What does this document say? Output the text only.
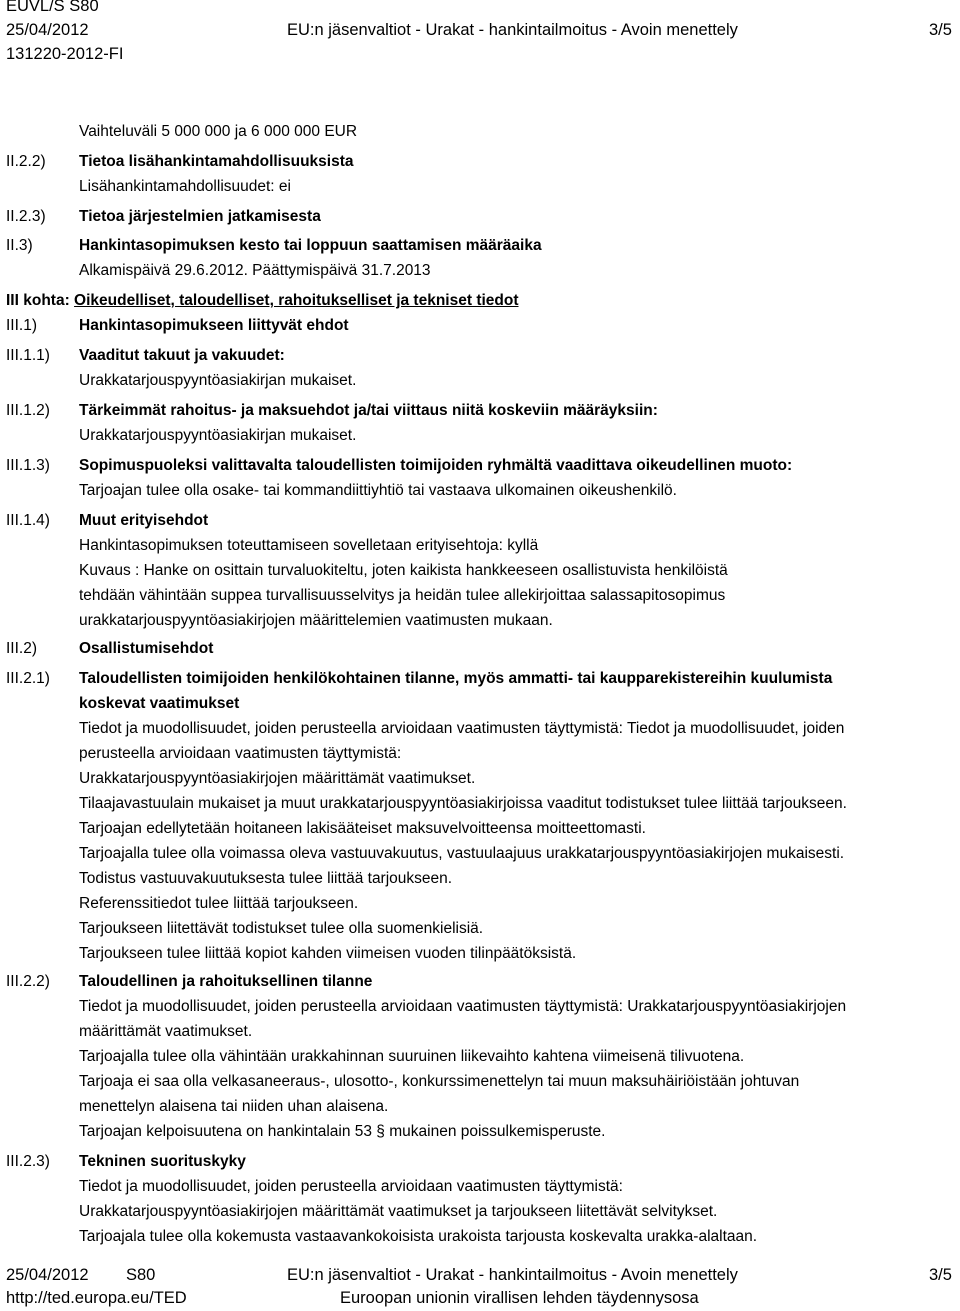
EUVL/S S80
25/04/2012	EU:n jäsenvaltiot - Urakat - hankintailmoitus - Avoin menettely	3/5
131220-2012-FI
Vaihteluväli 5 000 000 ja 6 000 000 EUR
II.2.2) Tietoa lisähankintamahdollisuuksista
Lisähankintamahdollisuudet: ei
II.2.3) Tietoa järjestelmien jatkamisesta
II.3)	Hankintasopimuksen kesto tai loppuun saattamisen määräaika
Alkamispäivä 29.6.2012. Päättymispäivä 31.7.2013
III kohta: Oikeudelliset, taloudelliset, rahoitukselliset ja tekniset tiedot
III.1)	Hankintasopimukseen liittyvät ehdot
III.1.1) Vaaditut takuut ja vakuudet:
Urakkatarjouspyyntöasiakirjan mukaiset.
III.1.2) Tärkeimmät rahoitus- ja maksuehdot ja/tai viittaus niitä koskeviin määräyksiin:
Urakkatarjouspyyntöasiakirjan mukaiset.
III.1.3) Sopimuspuoleksi valittavalta taloudellisten toimijoiden ryhmältä vaadittava oikeudellinen muoto:
Tarjoajan tulee olla osake- tai kommandiittiyhtiö tai vastaava ulkomainen oikeushenkilö.
III.1.4) Muut erityisehdot
Hankintasopimuksen toteuttamiseen sovelletaan erityisehtoja: kyllä
Kuvaus : Hanke on osittain turvaluokiteltu, joten kaikista hankkeeseen osallistuvista henkilöistä
tehdään vähintään suppea turvallisuusselvitys ja heidän tulee allekirjoittaa salassapitosopimus
urakkatarjouspyyntöasiakirjojen määrittelemien vaatimusten mukaan.
III.2)	Osallistumisehdot
III.2.1) Taloudellisten toimijoiden henkilökohtainen tilanne, myös ammatti- tai kaupparekistereihin kuulumista
koskevat vaatimukset
Tiedot ja muodollisuudet, joiden perusteella arvioidaan vaatimusten täyttymistä: Tiedot ja muodollisuudet, joiden
perusteella arvioidaan vaatimusten täyttymistä:
Urakkatarjouspyyntöasiakirjojen määrittämät vaatimukset.
Tilaajavastuulain mukaiset ja muut urakkatarjouspyyntöasiakirjoissa vaaditut todistukset tulee liittää tarjoukseen.
Tarjoajan edellytetään hoitaneen lakisääteiset maksuvelvoitteensa moitteettomasti.
Tarjoajalla tulee olla voimassa oleva vastuuvakuutus, vastuulaajuus urakkatarjouspyyntöasiakirjojen mukaisesti.
Todistus vastuuvakuutuksesta tulee liittää tarjoukseen.
Referenssitiedot tulee liittää tarjoukseen.
Tarjoukseen liitettävät todistukset tulee olla suomenkielisiä.
Tarjoukseen tulee liittää kopiot kahden viimeisen vuoden tilinpäätöksistä.
III.2.2) Taloudellinen ja rahoituksellinen tilanne
Tiedot ja muodollisuudet, joiden perusteella arvioidaan vaatimusten täyttymistä: Urakkatarjouspyyntöasiakirjojen
määrittämät vaatimukset.
Tarjoajalla tulee olla vähintään urakkahinnan suuruinen liikevaihto kahtena viimeisenä tilivuotena.
Tarjoaja ei saa olla velkasaneeraus-, ulosotto-, konkurssimenettelyn tai muun maksuhäiriöistään johtuvan
menettelyn alaisena tai niiden uhan alaisena.
Tarjoajan kelpoisuutena on hankintalain 53 § mukainen poissulkemisperuste.
III.2.3) Tekninen suorituskyky
Tiedot ja muodollisuudet, joiden perusteella arvioidaan vaatimusten täyttymistä:
Urakkatarjouspyyntöasiakirjojen määrittämät vaatimukset ja tarjoukseen liitettävät selvitykset.
Tarjoajala tulee olla kokemusta vastaavankokoisista urakoista tarjousta koskevalta urakka-alaltaan.
25/04/2012 S80	EU:n jäsenvaltiot - Urakat - hankintailmoitus - Avoin menettely	3/5
http://ted.europa.eu/TED	Euroopan unionin virallisen lehden täydennysosa
